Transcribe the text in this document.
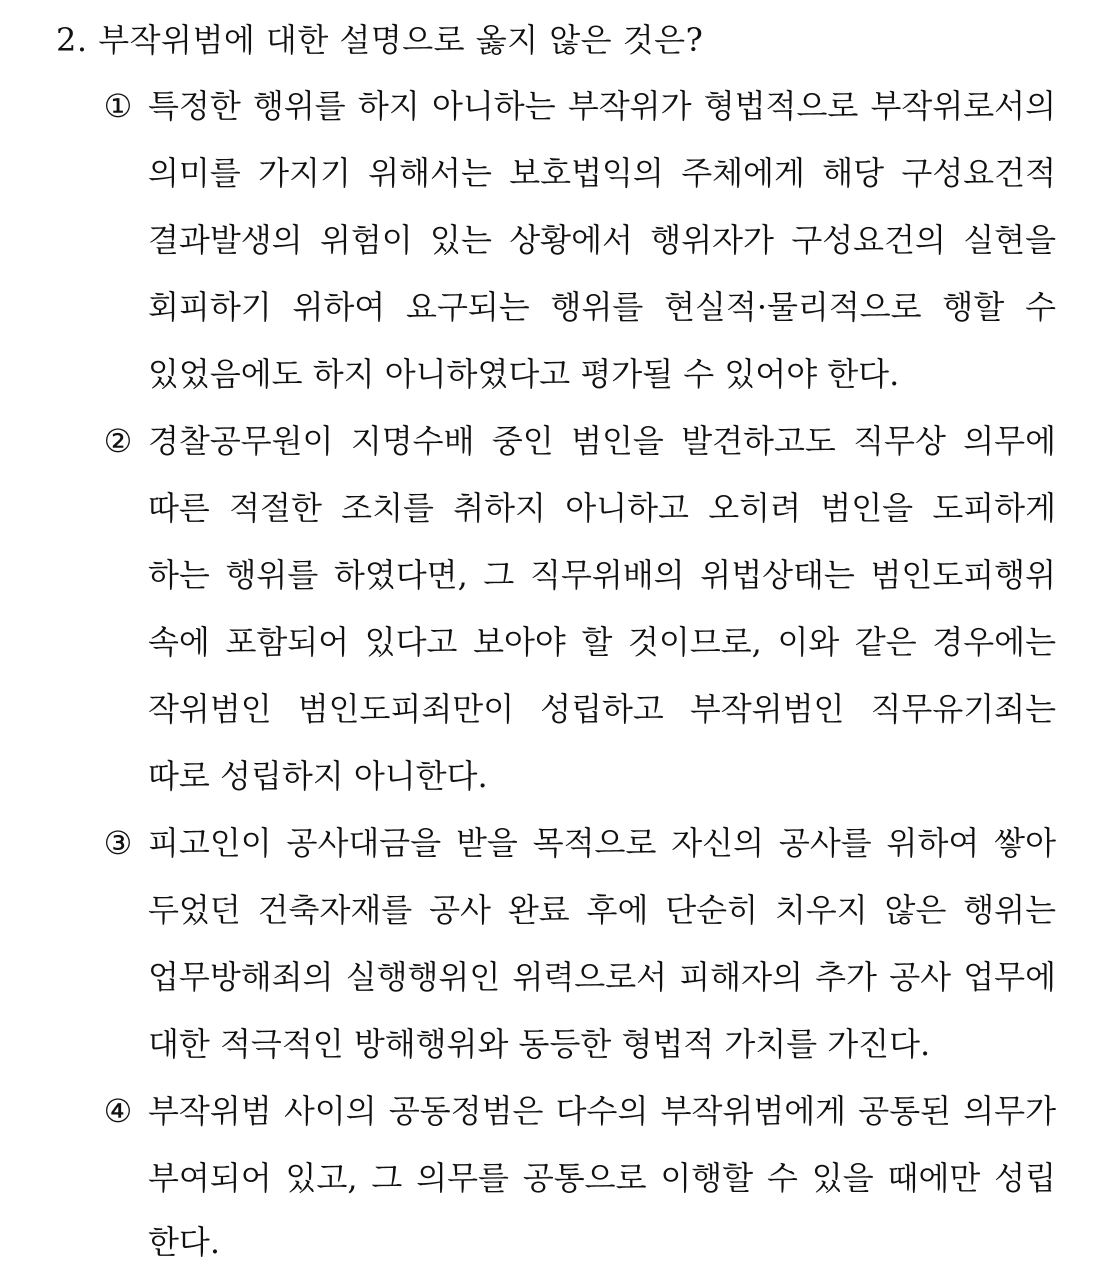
2. 부작위범에 대한 설명으로 옳지 않은 것은?
① 특정한 행위를 하지 아니하는 부작위가 형법적으로 부작위로서의
의미를 가지기 위해서는 보호법익의 주체에게 해당 구성요건적
결과발생의 위험이 있는 상황에서 행위자가 구성요건의 실현을
회피하기 위하여 요구되는 행위를 현실적·물리적으로 행할 수
있었음에도 하지 아니하였다고 평가될 수 있어야 한다.
② 경찰공무원이 지명수배 중인 범인을 발견하고도 직무상 의무에
따른 적절한 조치를 취하지 아니하고 오히려 범인을 도피하게
하는 행위를 하였다면, 그 직무위배의 위법상태는 범인도피행위
속에 포함되어 있다고 보아야 할 것이므로, 이와 같은 경우에는
작위범인 범인도피죄만이 성립하고 부작위범인 직무유기죄는
따로 성립하지 아니한다.
③ 피고인이 공사대금을 받을 목적으로 자신의 공사를 위하여 쌓아
두었던 건축자재를 공사 완료 후에 단순히 치우지 않은 행위는
업무방해죄의 실행행위인 위력으로서 피해자의 추가 공사 업무에
대한 적극적인 방해행위와 동등한 형법적 가치를 가진다.
④ 부작위범 사이의 공동정범은 다수의 부작위범에게 공통된 의무가
부여되어 있고, 그 의무를 공통으로 이행할 수 있을 때에만 성립
한다.
